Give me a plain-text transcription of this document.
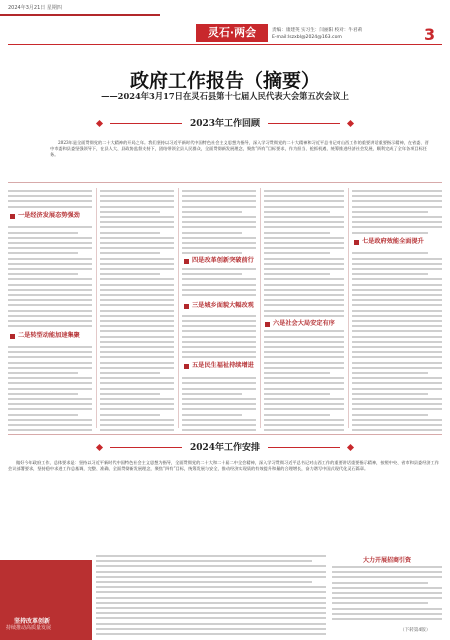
2024年3月21日 星期四
灵石·两会	责编：康建英 实习生：闫丽阳 校对：牛君莉
E-mail:lszxbl@2024@163.com	3
政府工作报告（摘要）
——2024年3月17日在灵石县第十七届人民代表大会第五次会议上
2023年工作回顾
2023年是全面贯彻党的二十大精神的开局之年。我们坚持以习近平新时代中国特色社会主义思想为指导，深入学习贯彻党的二十大精神和习近平总书记对山西工作的重要讲话重要指示精神，在省委、晋中市委和县委坚强领导下，在县人大、县政协监督支持下，团结带领全县人民群众，全面贯彻新发展理念，聚焦“四有”目标要求，作为担当、抢抓机遇、统筹推进经济社会发展，顺利完成了全年各项目标任务。
一是经济发展态势强劲
二是转型动能加速集聚
三是城乡面貌大幅改观
四是改革创新突破前行
五是民生福祉持续增进
六是社会大局安定有序
七是政府效能全面提升
2024年工作安排
做好今年政府工作，总体要求是：坚持以习近平新时代中国特色社会主义思想为指导，全面贯彻党的二十大和二十届二中全会精神，深入学习贯彻习近平总书记对山西工作的重要讲话重要指示精神，按照中央、省市和县委经济工作会议部署要求，坚持稳中求进工作总基调，完整、准确、全面贯彻新发展理念，聚焦“四有”目标，统筹发展与安全，推动经济实现质的有效提升和量的合理增长，奋力谱写中国式现代化灵石篇章。
坚持改革创新
持续推动高质量发展
大力开展招商引资
（下转第4版）
